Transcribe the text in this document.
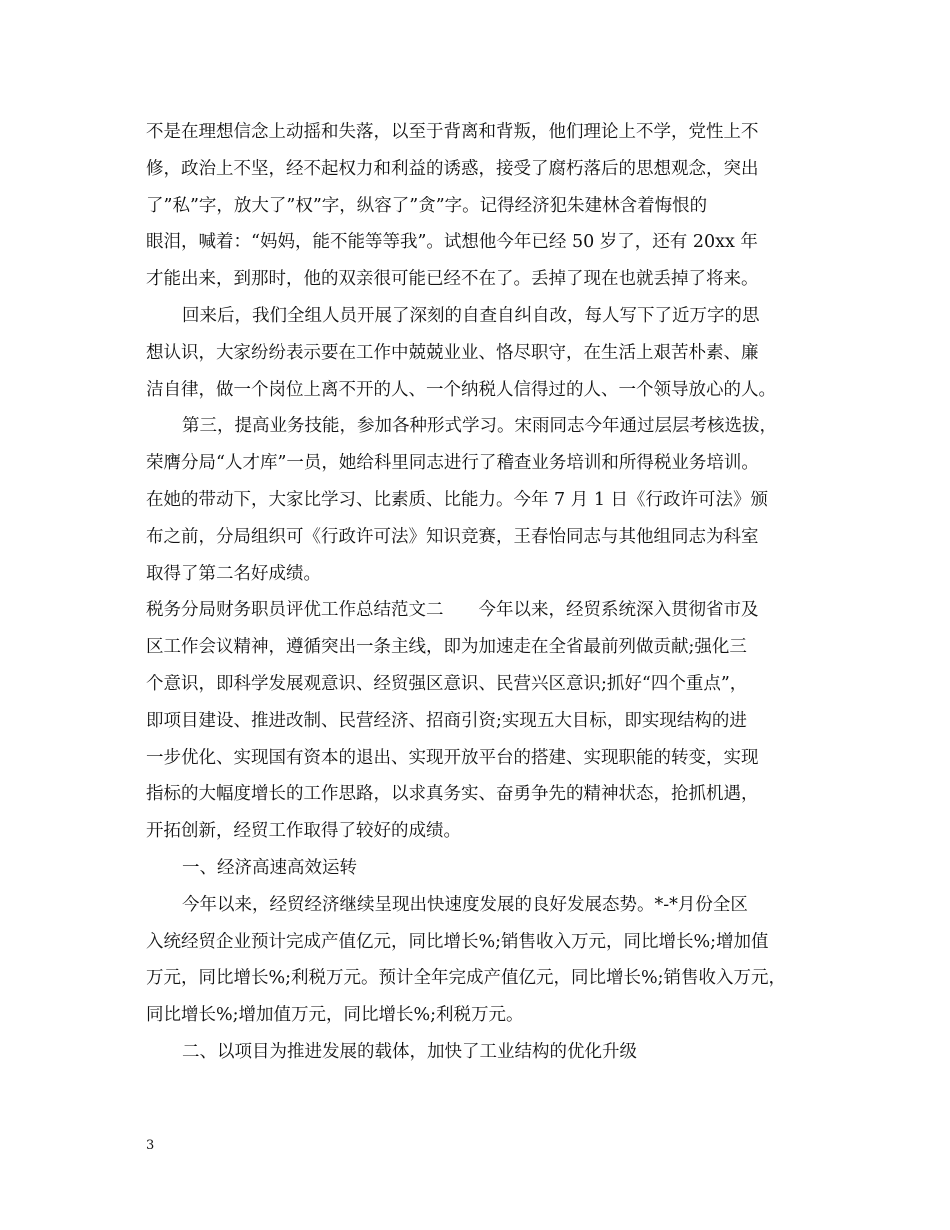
不是在理想信念上动摇和失落，以至于背离和背叛，他们理论上不学，党性上不
修，政治上不坚，经不起权力和利益的诱惑，接受了腐朽落后的思想观念，突出
了”私”字，放大了”权”字，纵容了”贪”字。记得经济犯朱建林含着悔恨的
眼泪，喊着：“妈妈，能不能等等我”。试想他今年已经 50 岁了，还有 20xx 年
才能出来，到那时，他的双亲很可能已经不在了。丢掉了现在也就丢掉了将来。
回来后，我们全组人员开展了深刻的自查自纠自改，每人写下了近万字的思
想认识，大家纷纷表示要在工作中兢兢业业、恪尽职守，在生活上艰苦朴素、廉
洁自律，做一个岗位上离不开的人、一个纳税人信得过的人、一个领导放心的人。
第三，提高业务技能，参加各种形式学习。宋雨同志今年通过层层考核选拔，
荣膺分局“人才库”一员，她给科里同志进行了稽查业务培训和所得税业务培训。
在她的带动下，大家比学习、比素质、比能力。今年 7 月 1 日《行政许可法》颁
布之前，分局组织可《行政许可法》知识竞赛，王春怡同志与其他组同志为科室
取得了第二名好成绩。
税务分局财务职员评优工作总结范文二　　今年以来，经贸系统深入贯彻省市及
区工作会议精神，遵循突出一条主线，即为加速走在全省最前列做贡献;强化三
个意识，即科学发展观意识、经贸强区意识、民营兴区意识;抓好“四个重点”，
即项目建设、推进改制、民营经济、招商引资;实现五大目标，即实现结构的进
一步优化、实现国有资本的退出、实现开放平台的搭建、实现职能的转变，实现
指标的大幅度增长的工作思路，以求真务实、奋勇争先的精神状态，抢抓机遇，
开拓创新，经贸工作取得了较好的成绩。
一、经济高速高效运转
今年以来，经贸经济继续呈现出快速度发展的良好发展态势。*-*月份全区
入统经贸企业预计完成产值亿元，同比增长%;销售收入万元，同比增长%;增加值
万元，同比增长%;利税万元。预计全年完成产值亿元，同比增长%;销售收入万元，
同比增长%;增加值万元，同比增长%;利税万元。
二、以项目为推进发展的载体，加快了工业结构的优化升级
3
